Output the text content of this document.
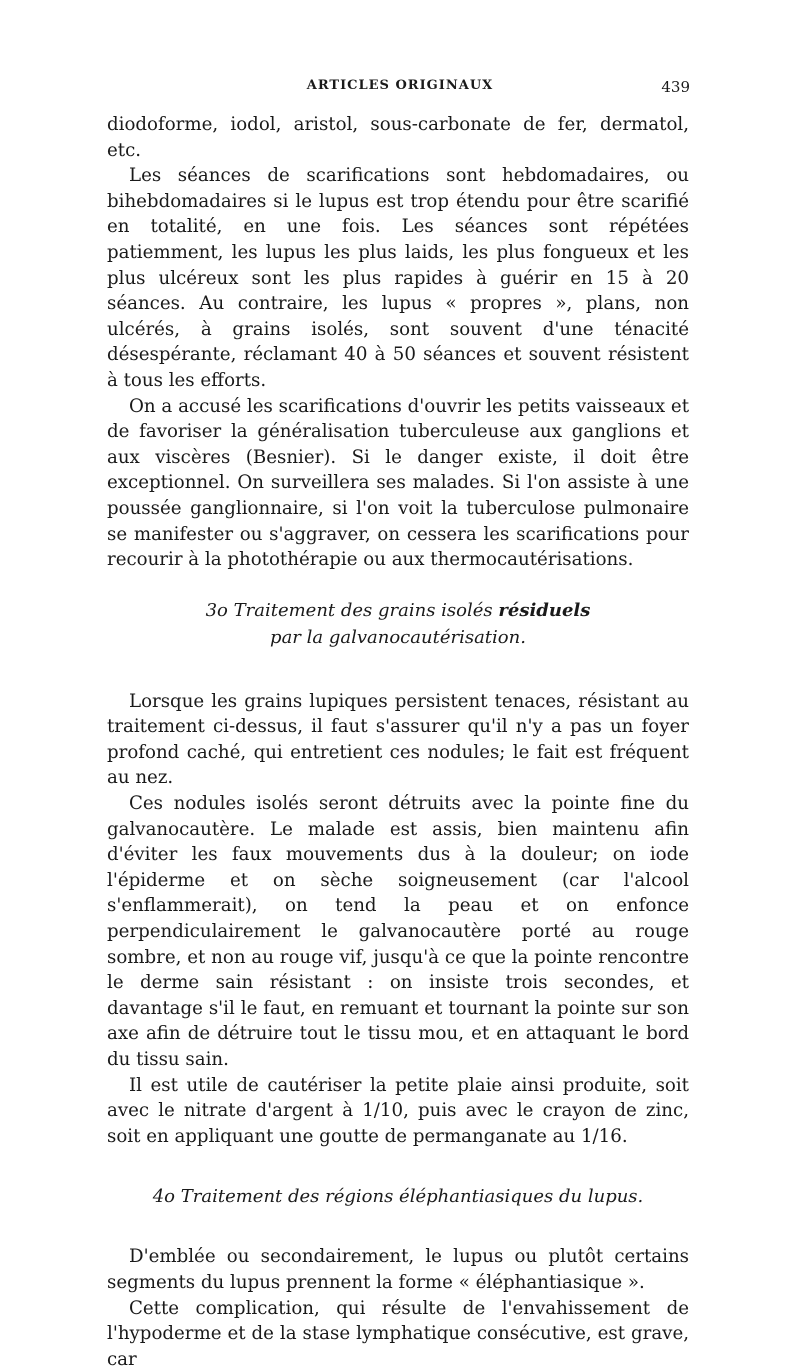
ARTICLES ORIGINAUX	439

diodoforme, iodol, aristol, sous-carbonate de fer, dermatol, etc.

Les séances de scarifications sont hebdomadaires, ou bihebdomadaires si le lupus est trop étendu pour être scarifié en totalité, en une fois. Les séances sont répétées patiemment, les lupus les plus laids, les plus fongueux et les plus ulcéreux sont les plus rapides à guérir en 15 à 20 séances. Au contraire, les lupus « propres », plans, non ulcérés, à grains isolés, sont souvent d'une ténacité désespérante, réclamant 40 à 50 séances et souvent résistent à tous les efforts.

On a accusé les scarifications d'ouvrir les petits vaisseaux et de favoriser la généralisation tuberculeuse aux ganglions et aux viscères (Besnier). Si le danger existe, il doit être exceptionnel. On surveillera ses malades. Si l'on assiste à une poussée ganglionnaire, si l'on voit la tuberculose pulmonaire se manifester ou s'aggraver, on cessera les scarifications pour recourir à la photothérapie ou aux thermocautérisations.

3o Traitement des grains isolés résiduels
par la galvanocautérisation.

Lorsque les grains lupiques persistent tenaces, résistant au traitement ci-dessus, il faut s'assurer qu'il n'y a pas un foyer profond caché, qui entretient ces nodules; le fait est fréquent au nez.

Ces nodules isolés seront détruits avec la pointe fine du galvanocautère. Le malade est assis, bien maintenu afin d'éviter les faux mouvements dus à la douleur; on iode l'épiderme et on sèche soigneusement (car l'alcool s'enflammerait), on tend la peau et on enfonce perpendiculairement le galvanocautère porté au rouge sombre, et non au rouge vif, jusqu'à ce que la pointe rencontre le derme sain résistant : on insiste trois secondes, et davantage s'il le faut, en remuant et tournant la pointe sur son axe afin de détruire tout le tissu mou, et en attaquant le bord du tissu sain.

Il est utile de cautériser la petite plaie ainsi produite, soit avec le nitrate d'argent à 1/10, puis avec le crayon de zinc, soit en appliquant une goutte de permanganate au 1/16.

4o Traitement des régions éléphantiasiques du lupus.

D'emblée ou secondairement, le lupus ou plutôt certains segments du lupus prennent la forme « éléphantiasique ».

Cette complication, qui résulte de l'envahissement de l'hypoderme et de la stase lymphatique consécutive, est grave, car
